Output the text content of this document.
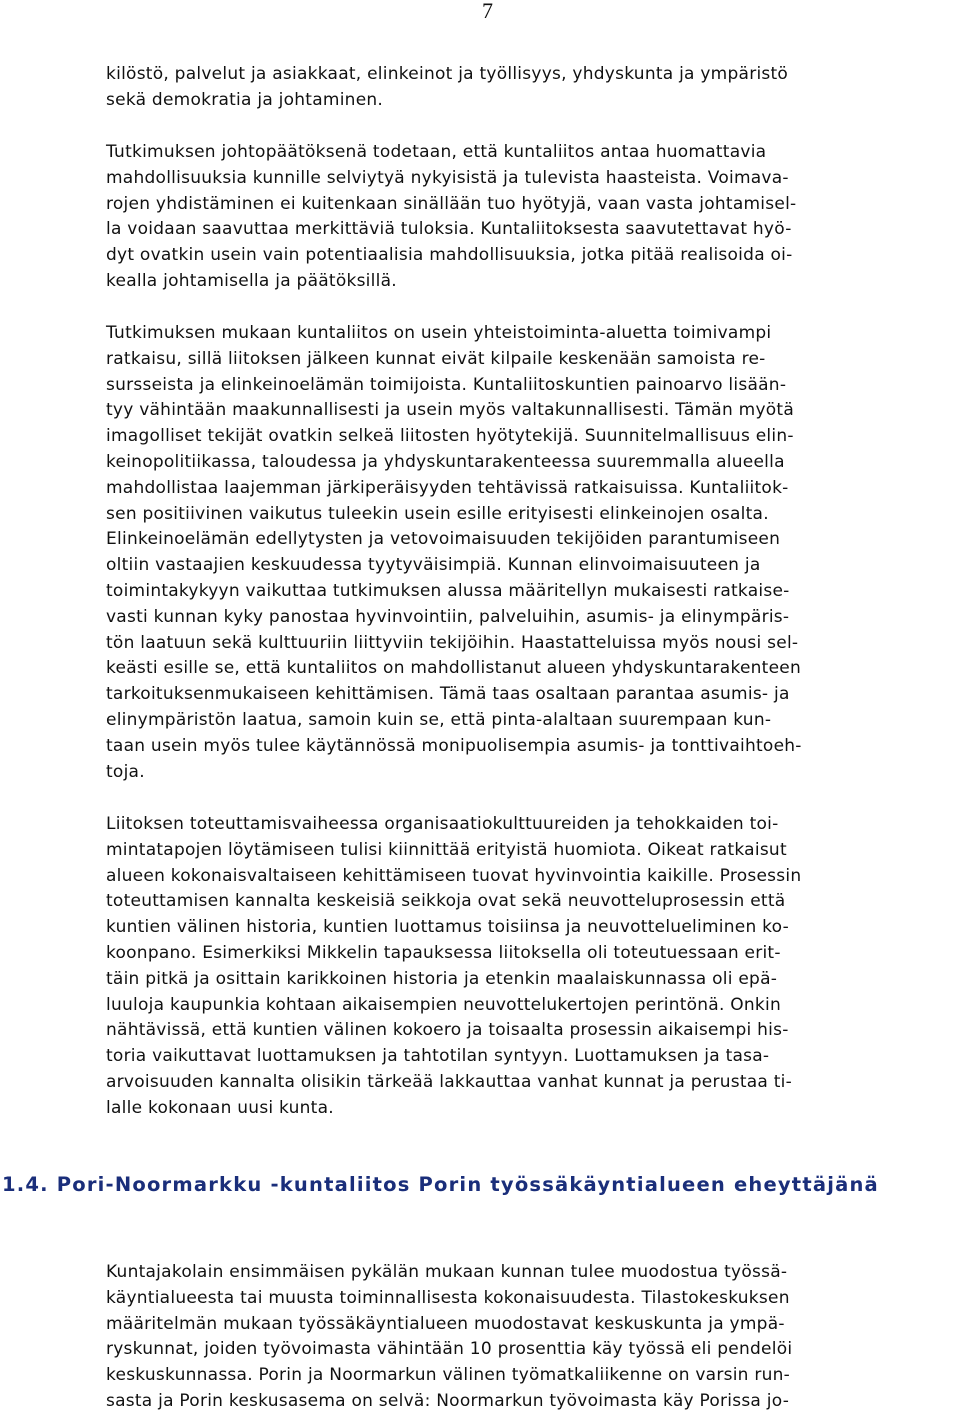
7
kilöstö, palvelut ja asiakkaat, elinkeinot ja työllisyys, yhdyskunta ja ympäristö
sekä demokratia ja johtaminen.
Tutkimuksen johtopäätöksenä todetaan, että kuntaliitos antaa huomattavia
mahdollisuuksia kunnille selviytyä nykyisistä ja tulevista haasteista. Voimava-
rojen yhdistäminen ei kuitenkaan sinällään tuo hyötyjä, vaan vasta johtamisel-
la voidaan saavuttaa merkittäviä tuloksia. Kuntaliitoksesta saavutettavat hyö-
dyt ovatkin usein vain potentiaalisia mahdollisuuksia, jotka pitää realisoida oi-
kealla johtamisella ja päätöksillä.
Tutkimuksen mukaan kuntaliitos on usein yhteistoiminta-aluetta toimivampi
ratkaisu, sillä liitoksen jälkeen kunnat eivät kilpaile keskenään samoista re-
sursseista ja elinkeinoelämän toimijoista. Kuntaliitoskuntien painoarvo lisään-
tyy vähintään maakunnallisesti ja usein myös valtakunnallisesti. Tämän myötä
imagolliset tekijät ovatkin selkeä liitosten hyötytekijä. Suunnitelmallisuus elin-
keinopolitiikassa, taloudessa ja yhdyskuntarakenteessa suuremmalla alueella
mahdollistaa laajemman järkiperäisyyden tehtävissä ratkaisuissa. Kuntaliitok-
sen positiivinen vaikutus tuleekin usein esille erityisesti elinkeinojen osalta.
Elinkeinoelämän edellytysten ja vetovoimaisuuden tekijöiden parantumiseen
oltiin vastaajien keskuudessa tyytyväisimpiä. Kunnan elinvoimaisuuteen ja
toimintakykyyn vaikuttaa tutkimuksen alussa määritellyn mukaisesti ratkaise-
vasti kunnan kyky panostaa hyvinvointiin, palveluihin, asumis- ja elinympäris-
tön laatuun sekä kulttuuriin liittyviin tekijöihin. Haastatteluissa myös nousi sel-
keästi esille se, että kuntaliitos on mahdollistanut alueen yhdyskuntarakenteen
tarkoituksenmukaiseen kehittämisen. Tämä taas osaltaan parantaa asumis- ja
elinympäristön laatua, samoin kuin se, että pinta-alaltaan suurempaan kun-
taan usein myös tulee käytännössä monipuolisempia asumis- ja tonttivaihtoeh-
toja.
Liitoksen toteuttamisvaiheessa organisaatiokulttuureiden ja tehokkaiden toi-
mintatapojen löytämiseen tulisi kiinnittää erityistä huomiota. Oikeat ratkaisut
alueen kokonaisvaltaiseen kehittämiseen tuovat hyvinvointia kaikille. Prosessin
toteuttamisen kannalta keskeisiä seikkoja ovat sekä neuvotteluprosessin että
kuntien välinen historia, kuntien luottamus toisiinsa ja neuvottelueliminen ko-
koonpano. Esimerkiksi Mikkelin tapauksessa liitoksella oli toteutuessaan erit-
täin pitkä ja osittain karikkoinen historia ja etenkin maalaiskunnassa oli epä-
luuloja kaupunkia kohtaan aikaisempien neuvottelukertojen perintönä. Onkin
nähtävissä, että kuntien välinen kokoero ja toisaalta prosessin aikaisempi his-
toria vaikuttavat luottamuksen ja tahtotilan syntyyn. Luottamuksen ja tasa-
arvoisuuden kannalta olisikin tärkeää lakkauttaa vanhat kunnat ja perustaa ti-
lalle kokonaan uusi kunta.
1.4. Pori-Noormarkku -kuntaliitos Porin työssäkäyntialueen eheyttäjänä
Kuntajakolain ensimmäisen pykälän mukaan kunnan tulee muodostua työssä-
käyntialueesta tai muusta toiminnallisesta kokonaisuudesta. Tilastokeskuksen
määritelmän mukaan työssäkäyntialueen muodostavat keskuskunta ja ympä-
ryskunnat, joiden työvoimasta vähintään 10 prosenttia käy työssä eli pendelöi
keskuskunnassa. Porin ja Noormarkun välinen työmatkaliikenne on varsin run-
sasta ja Porin keskusasema on selvä: Noormarkun työvoimasta käy Porissa jo-
